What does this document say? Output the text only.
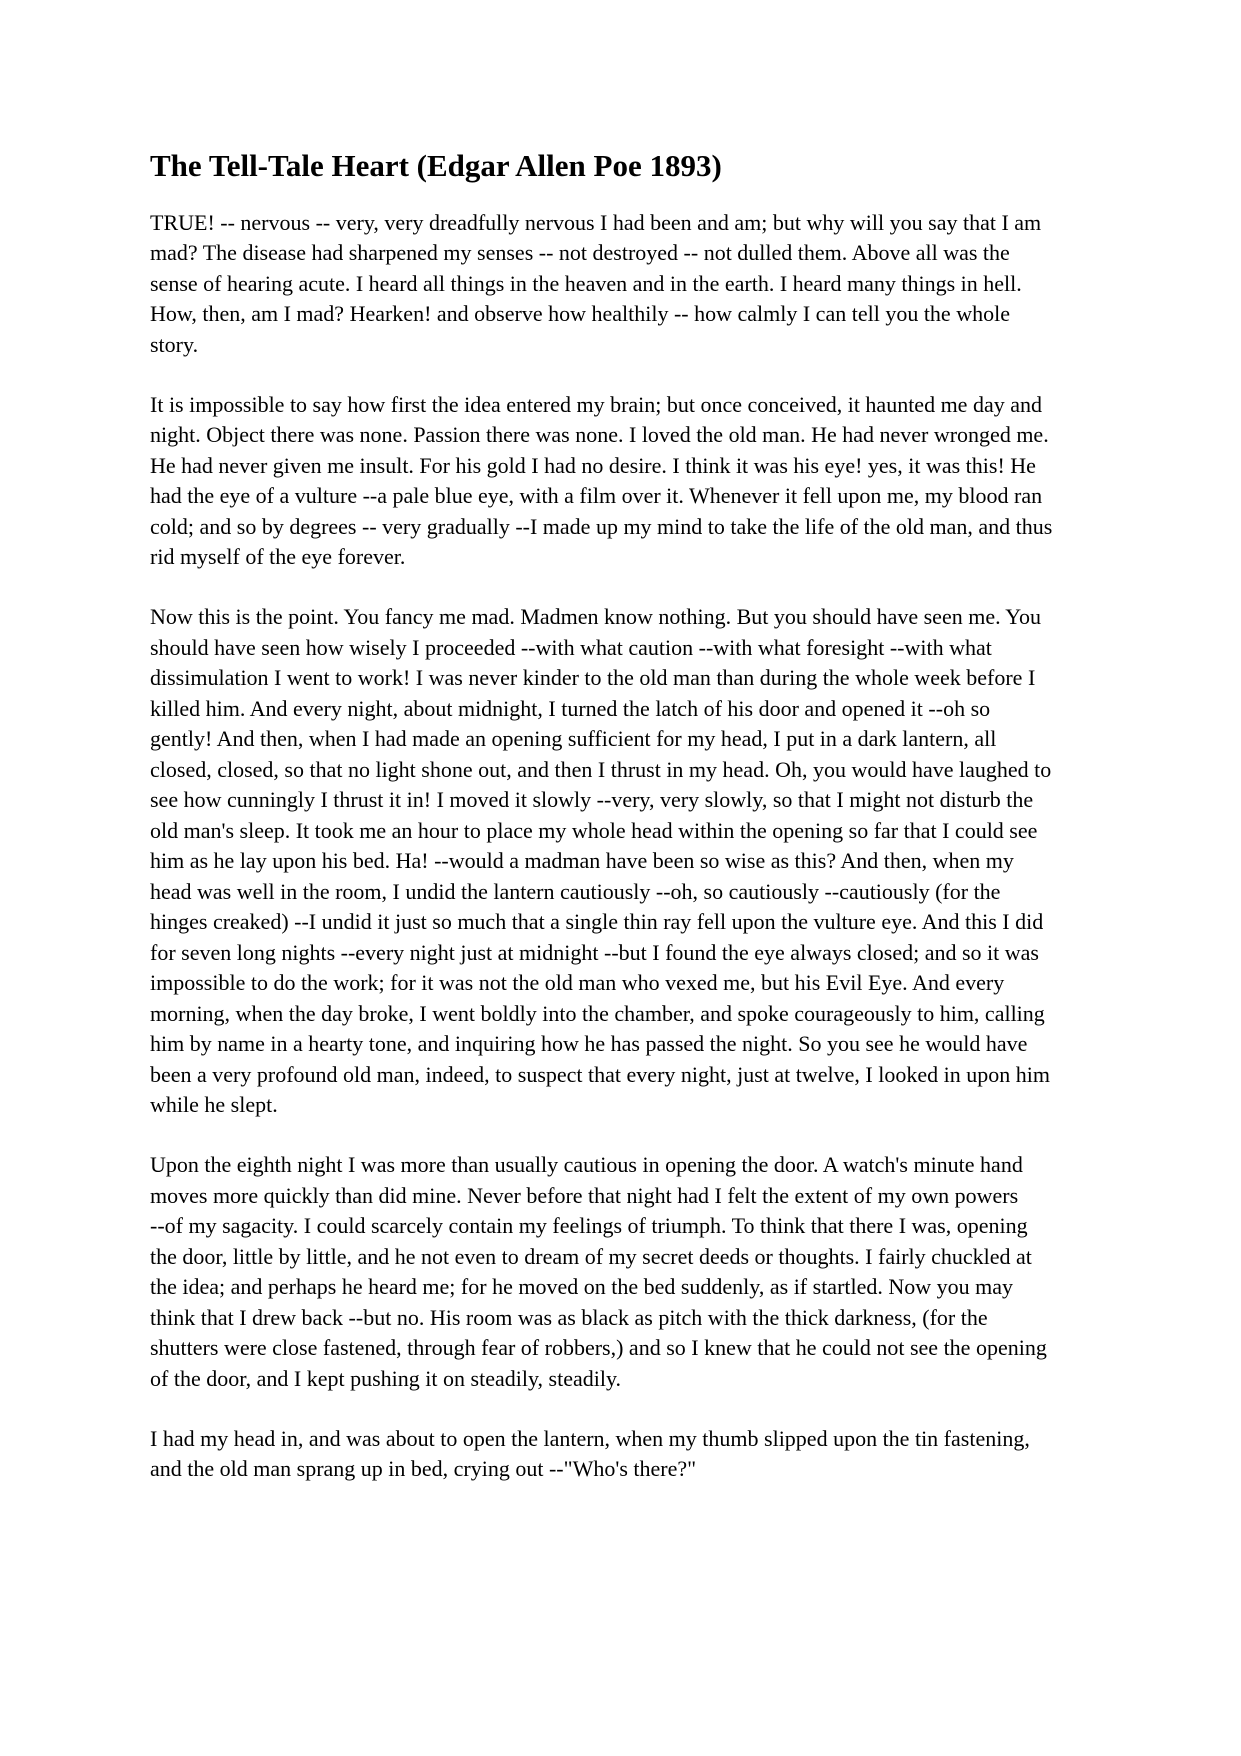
The Tell-Tale Heart (Edgar Allen Poe 1893)

TRUE! -- nervous -- very, very dreadfully nervous I had been and am; but why will you say that I am
mad? The disease had sharpened my senses -- not destroyed -- not dulled them. Above all was the
sense of hearing acute. I heard all things in the heaven and in the earth. I heard many things in hell.
How, then, am I mad? Hearken! and observe how healthily -- how calmly I can tell you the whole
story.

It is impossible to say how first the idea entered my brain; but once conceived, it haunted me day and
night. Object there was none. Passion there was none. I loved the old man. He had never wronged me.
He had never given me insult. For his gold I had no desire. I think it was his eye! yes, it was this! He
had the eye of a vulture --a pale blue eye, with a film over it. Whenever it fell upon me, my blood ran
cold; and so by degrees -- very gradually --I made up my mind to take the life of the old man, and thus
rid myself of the eye forever.

Now this is the point. You fancy me mad. Madmen know nothing. But you should have seen me. You
should have seen how wisely I proceeded --with what caution --with what foresight --with what
dissimulation I went to work! I was never kinder to the old man than during the whole week before I
killed him. And every night, about midnight, I turned the latch of his door and opened it --oh so
gently! And then, when I had made an opening sufficient for my head, I put in a dark lantern, all
closed, closed, so that no light shone out, and then I thrust in my head. Oh, you would have laughed to
see how cunningly I thrust it in! I moved it slowly --very, very slowly, so that I might not disturb the
old man's sleep. It took me an hour to place my whole head within the opening so far that I could see
him as he lay upon his bed. Ha! --would a madman have been so wise as this? And then, when my
head was well in the room, I undid the lantern cautiously --oh, so cautiously --cautiously (for the
hinges creaked) --I undid it just so much that a single thin ray fell upon the vulture eye. And this I did
for seven long nights --every night just at midnight --but I found the eye always closed; and so it was
impossible to do the work; for it was not the old man who vexed me, but his Evil Eye. And every
morning, when the day broke, I went boldly into the chamber, and spoke courageously to him, calling
him by name in a hearty tone, and inquiring how he has passed the night. So you see he would have
been a very profound old man, indeed, to suspect that every night, just at twelve, I looked in upon him
while he slept.

Upon the eighth night I was more than usually cautious in opening the door. A watch's minute hand
moves more quickly than did mine. Never before that night had I felt the extent of my own powers
--of my sagacity. I could scarcely contain my feelings of triumph. To think that there I was, opening
the door, little by little, and he not even to dream of my secret deeds or thoughts. I fairly chuckled at
the idea; and perhaps he heard me; for he moved on the bed suddenly, as if startled. Now you may
think that I drew back --but no. His room was as black as pitch with the thick darkness, (for the
shutters were close fastened, through fear of robbers,) and so I knew that he could not see the opening
of the door, and I kept pushing it on steadily, steadily.

I had my head in, and was about to open the lantern, when my thumb slipped upon the tin fastening,
and the old man sprang up in bed, crying out --"Who's there?"
